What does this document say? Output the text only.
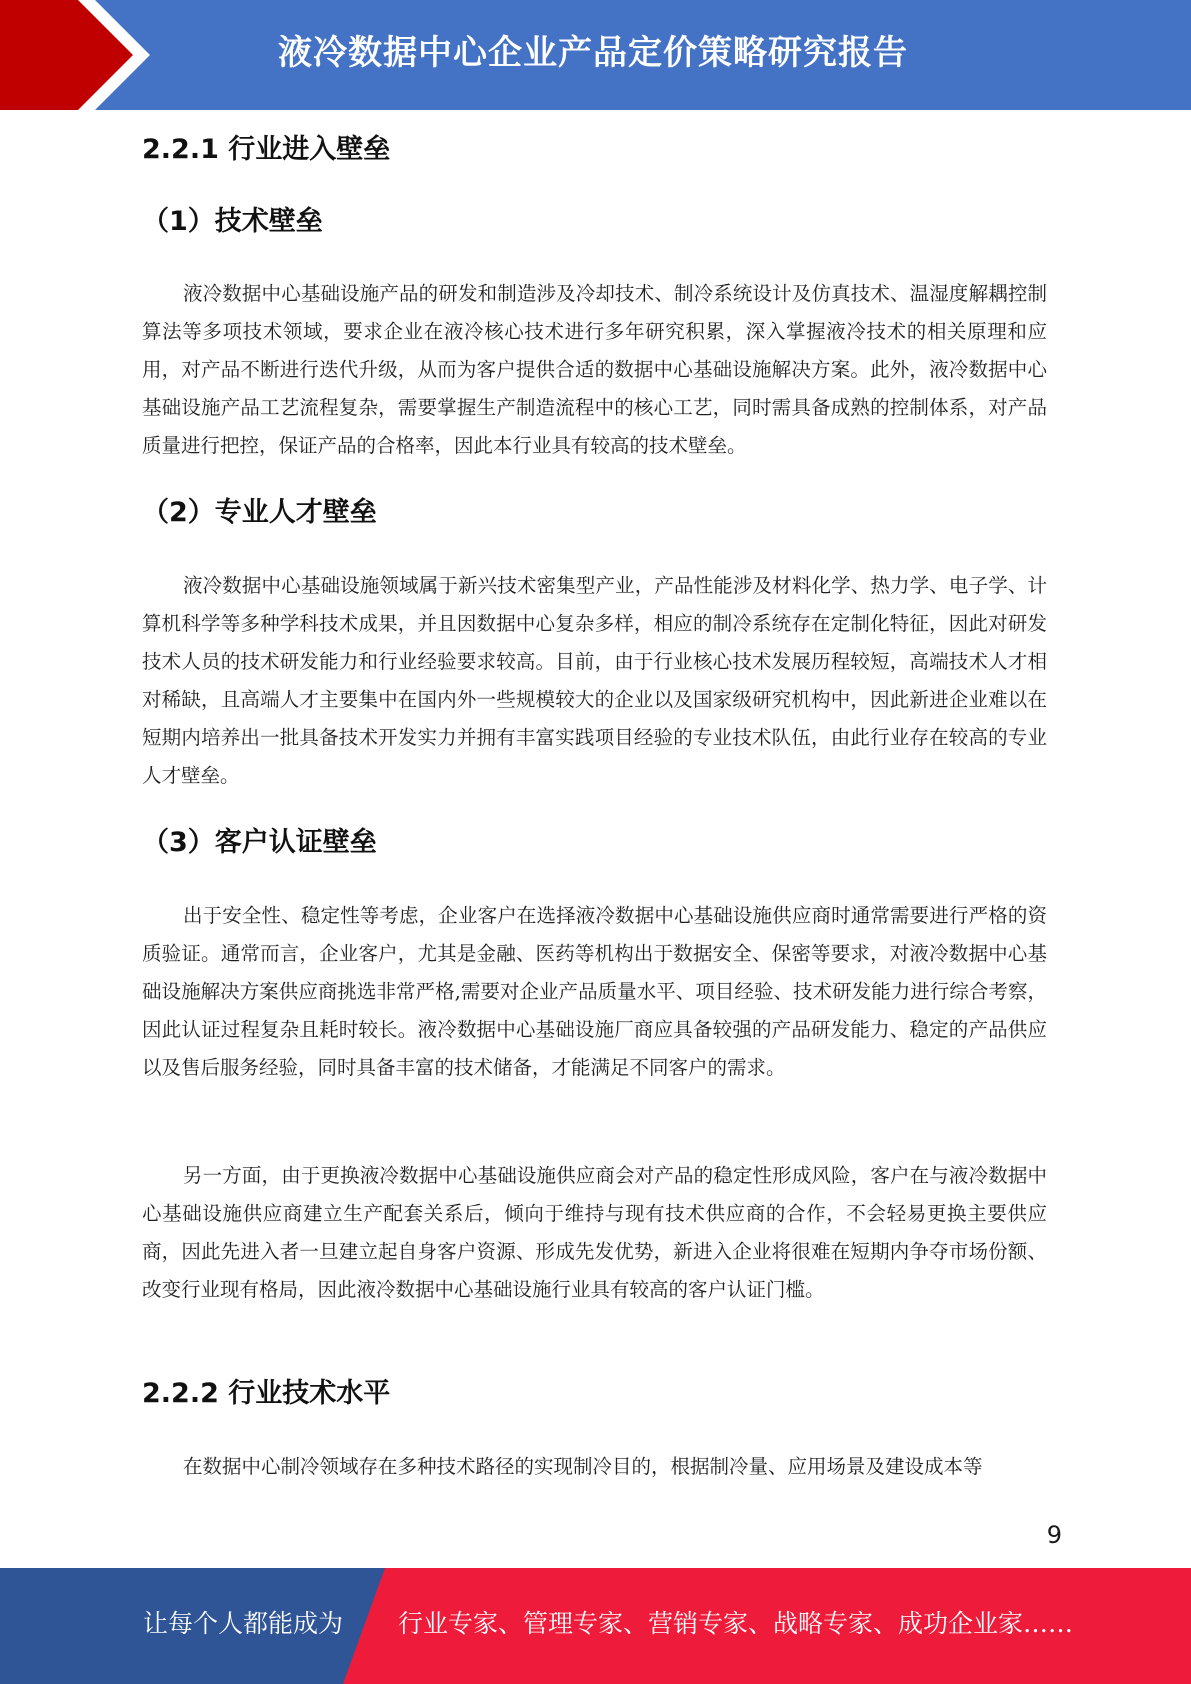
液冷数据中心企业产品定价策略研究报告
2.2.1 行业进入壁垒
（1）技术壁垒

液冷数据中心基础设施产品的研发和制造涉及冷却技术、制冷系统设计及仿真技术、温湿度解耦控制算法等多项技术领域，要求企业在液冷核心技术进行多年研究积累，深入掌握液冷技术的相关原理和应用，对产品不断进行迭代升级，从而为客户提供合适的数据中心基础设施解决方案。此外，液冷数据中心基础设施产品工艺流程复杂，需要掌握生产制造流程中的核心工艺，同时需具备成熟的控制体系，对产品质量进行把控，保证产品的合格率，因此本行业具有较高的技术壁垒。

（2）专业人才壁垒

液冷数据中心基础设施领域属于新兴技术密集型产业，产品性能涉及材料化学、热力学、电子学、计算机科学等多种学科技术成果，并且因数据中心复杂多样，相应的制冷系统存在定制化特征，因此对研发技术人员的技术研发能力和行业经验要求较高。目前，由于行业核心技术发展历程较短，高端技术人才相对稀缺，且高端人才主要集中在国内外一些规模较大的企业以及国家级研究机构中，因此新进企业难以在短期内培养出一批具备技术开发实力并拥有丰富实践项目经验的专业技术队伍，由此行业存在较高的专业人才壁垒。

（3）客户认证壁垒

出于安全性、稳定性等考虑，企业客户在选择液冷数据中心基础设施供应商时通常需要进行严格的资质验证。通常而言，企业客户，尤其是金融、医药等机构出于数据安全、保密等要求，对液冷数据中心基础设施解决方案供应商挑选非常严格,需要对企业产品质量水平、项目经验、技术研发能力进行综合考察，因此认证过程复杂且耗时较长。液冷数据中心基础设施厂商应具备较强的产品研发能力、稳定的产品供应以及售后服务经验，同时具备丰富的技术储备，才能满足不同客户的需求。

另一方面，由于更换液冷数据中心基础设施供应商会对产品的稳定性形成风险，客户在与液冷数据中心基础设施供应商建立生产配套关系后，倾向于维持与现有技术供应商的合作，不会轻易更换主要供应商，因此先进入者一旦建立起自身客户资源、形成先发优势，新进入企业将很难在短期内争夺市场份额、改变行业现有格局，因此液冷数据中心基础设施行业具有较高的客户认证门槛。

2.2.2 行业技术水平

在数据中心制冷领域存在多种技术路径的实现制冷目的，根据制冷量、应用场景及建设成本等

9
让每个人都能成为 行业专家、管理专家、营销专家、战略专家、成功企业家……
